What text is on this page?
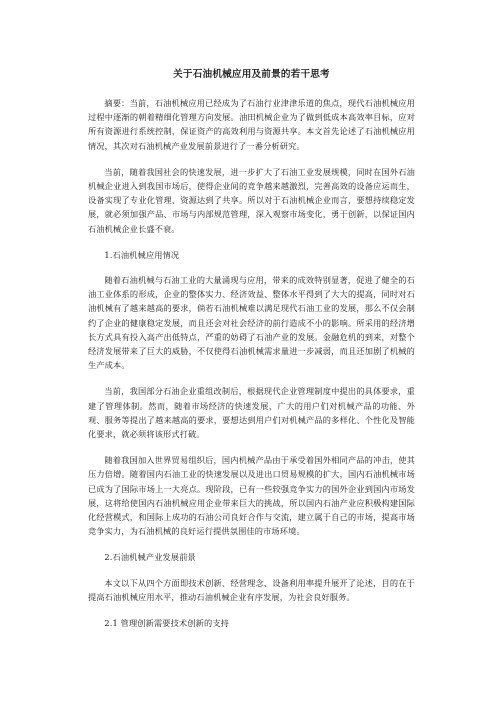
关于石油机械应用及前景的若干思考

摘要：当前，石油机械应用已经成为了石油行业津津乐道的焦点，现代石油机械应用过程中逐渐的朝着精细化管理方向发展。油田机械企业为了做到低成本高效率目标，应对所有资源进行系统控制，保证资产的高效利用与资源共享。本文首先论述了石油机械应用情况，其次对石油机械产业发展前景进行了一番分析研究。

当前，随着我国社会的快速发展，进一步扩大了石油工业发展规模，同时在国外石油机械企业进入到我国市场后，使得企业间的竞争越来越激烈，完善高效的设备应运而生，设备实现了专业化管理、资源达到了共享。所以对于石油机械企业而言，要想持续稳定发展，就必须加强产品、市场与内部规范管理，深入观察市场变化，勇于创新，以保证国内石油机械企业长盛不衰。

1.石油机械应用情况

随着石油机械与石油工业的大量涌现与应用，带来的成效特别显著，促进了健全的石油工业体系的形成，企业的整体实力、经济效益、整体水平得到了大大的提高，同时对石油机械有了越来越高的要求，倘若石油机械难以满足现代石油工业的发展，那么不仅会制约了企业的健康稳定发展，而且还会对社会经济的前行造成不小的影响。所采用的经济增长方式具有投入高产出低特点，严重的妨碍了石油产业的发展。金融危机的到来，对整个经济发展带来了巨大的威胁，不仅使得石油机械需求量进一步减弱，而且还加剧了机械的生产成本。

当前，我国部分石油企业重组改制后，根据现代企业管理制度中提出的具体要求，重建了管理体制。然而，随着市场经济的快速发展，广大的用户们对机械产品的功能、外观、服务等提出了越来越高的要求，要想达到用户们对机械产品的多样化、个性化及智能化要求，就必须将该形式打破。

随着我国加入世界贸易组织后，国内机械产品由于承受着国外相同产品的冲击，使其压力倍增。随着国内石油工业的快速发展以及进出口贸易规模的扩大，国内石油机械市场已成为了国际市场上一大亮点。现阶段，已有一些较强竞争实力的国外企业到国内市场发展，这将给使国内石油机械应用企业带来巨大的挑战，所以国内石油产业应积极构建国际化经营模式，和国际上成功的石油公司良好合作与交流，建立属于自己的市场，提高市场竞争实力，为石油机械的良好运行提供氛围佳的市场环境。

2.石油机械产业发展前景

本文以下从四个方面即技术创新、经营理念、设备利用率提升展开了论述，目的在于提高石油机械应用水平，推动石油机械企业有序发展，为社会良好服务。

2.1 管理创新需要技术创新的支持
